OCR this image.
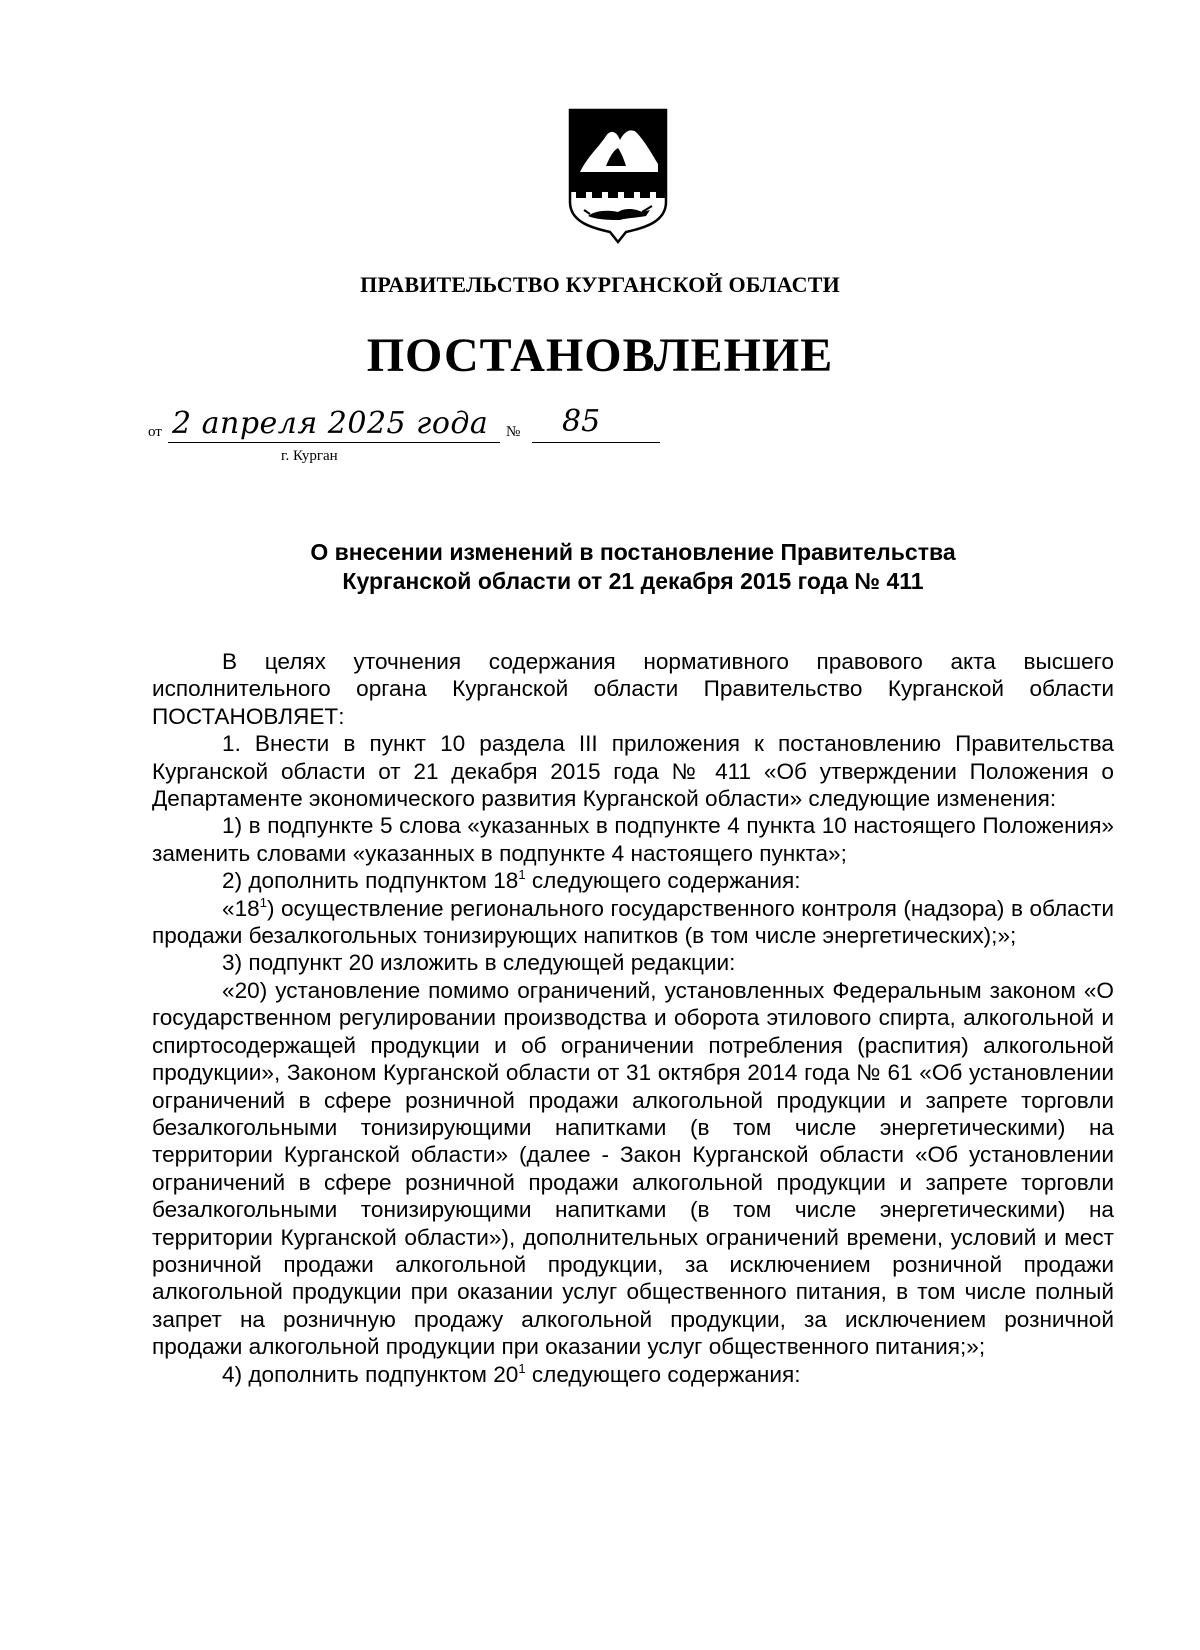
ПРАВИТЕЛЬСТВО КУРГАНСКОЙ ОБЛАСТИ
ПОСТАНОВЛЕНИЕ
от 2 апреля 2025 года № 85
г. Курган
О внесении изменений в постановление Правительства
Курганской области от 21 декабря 2015 года № 411

В целях уточнения содержания нормативного правового акта высшего исполнительного органа Курганской области Правительство Курганской области ПОСТАНОВЛЯЕТ:

1. Внести в пункт 10 раздела III приложения к постановлению Правительства Курганской области от 21 декабря 2015 года № 411 «Об утверждении Положения о Департаменте экономического развития Курганской области» следующие изменения:

1) в подпункте 5 слова «указанных в подпункте 4 пункта 10 настоящего Положения» заменить словами «указанных в подпункте 4 настоящего пункта»;

2) дополнить подпунктом $18^1$ следующего содержания:

«$18^1$) осуществление регионального государственного контроля (надзора) в области продажи безалкогольных тонизирующих напитков (в том числе энергетических);»;

3) подпункт 20 изложить в следующей редакции:

«20) установление помимо ограничений, установленных Федеральным законом «О государственном регулировании производства и оборота этилового спирта, алкогольной и спиртосодержащей продукции и об ограничении потребления (распития) алкогольной продукции», Законом Курганской области от 31 октября 2014 года № 61 «Об установлении ограничений в сфере розничной продажи алкогольной продукции и запрете торговли безалкогольными тонизирующими напитками (в том числе энергетическими) на территории Курганской области» (далее - Закон Курганской области «Об установлении ограничений в сфере розничной продажи алкогольной продукции и запрете торговли безалкогольными тонизирующими напитками (в том числе энергетическими) на территории Курганской области»), дополнительных ограничений времени, условий и мест розничной продажи алкогольной продукции, за исключением розничной продажи алкогольной продукции при оказании услуг общественного питания, в том числе полный запрет на розничную продажу алкогольной продукции, за исключением розничной продажи алкогольной продукции при оказании услуг общественного питания;»;

4) дополнить подпунктом $20^1$ следующего содержания:
